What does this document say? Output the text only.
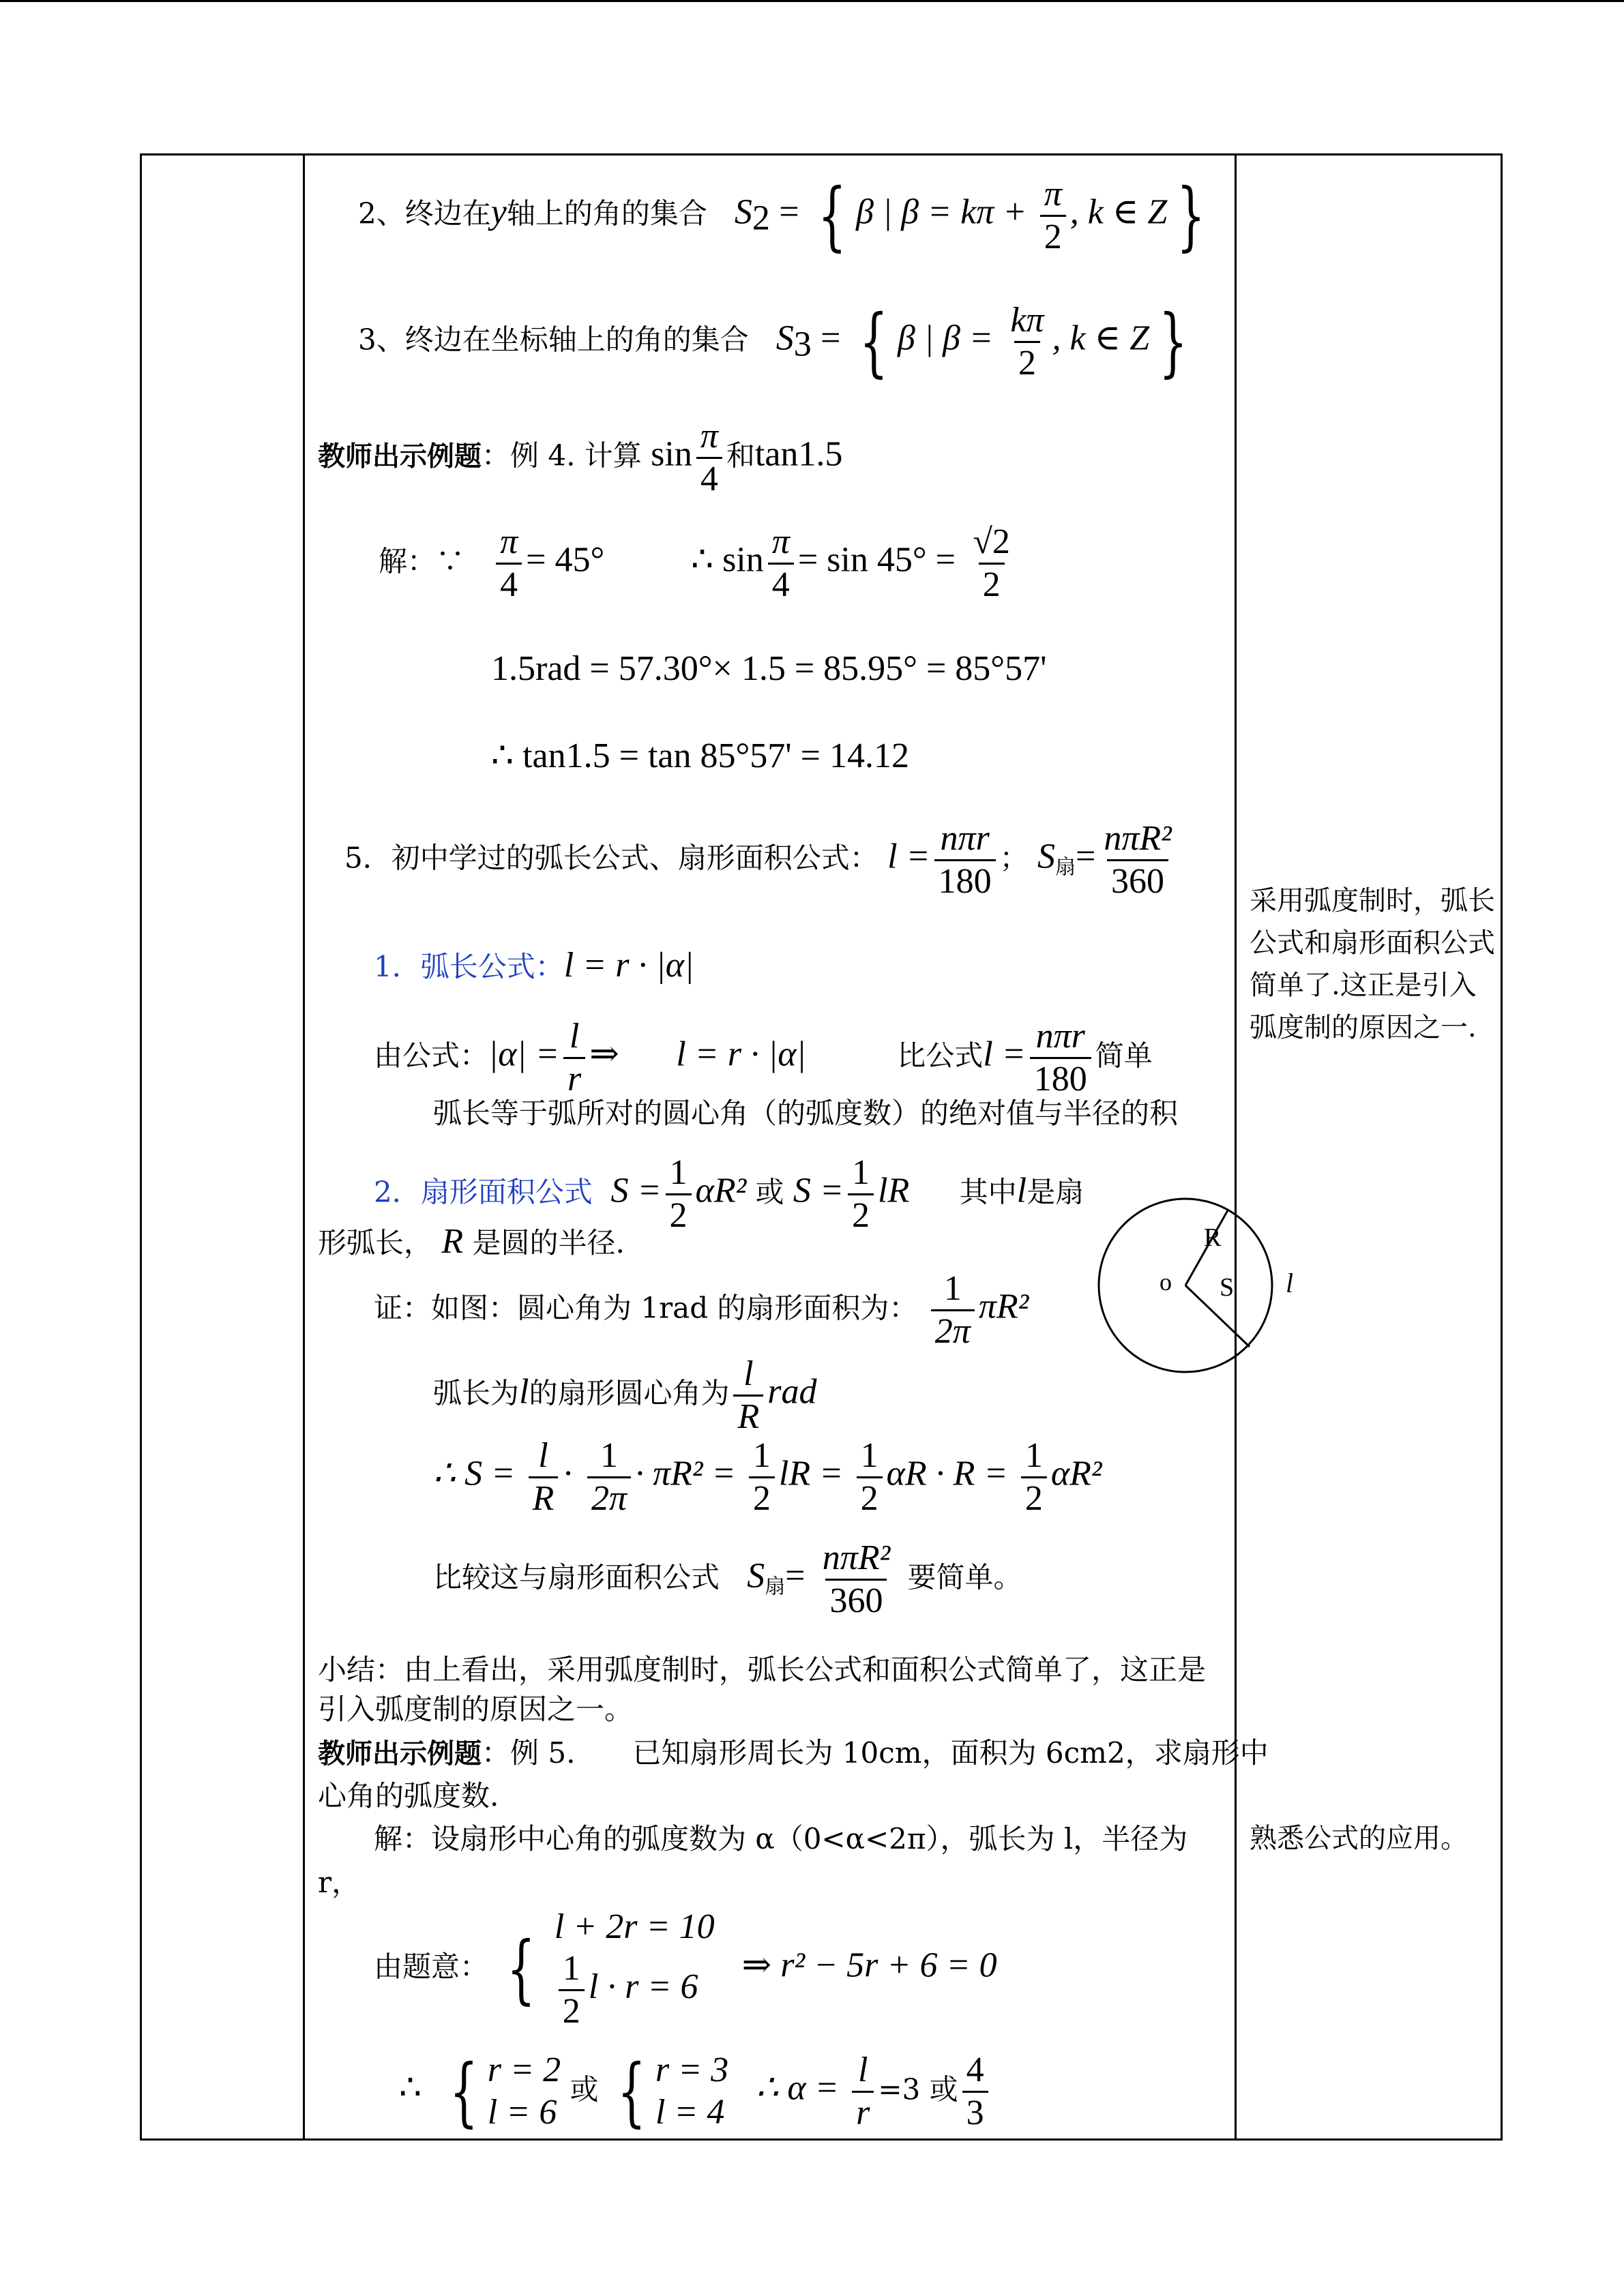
2、终边在y轴上的角的集合 $S_2$ = { β | $\beta = k\pi + \frac{\pi}{2}$ , k ∈ Z }
3、终边在坐标轴上的角的集合 $S_3$ = { β | $\beta = \frac{k\pi}{2}$ , k ∈ Z }
教师出示例题：例 4. 计算 $\sin \frac{\pi}{4}$ 和tan1.5
解：∵ $\frac{\pi}{4} = 45^\circ$ ∴ $\sin \frac{\pi}{4} = \sin 45^\circ = \frac{√2}{2}$
1.5rad = 57.30°× 1.5 = 85.95° = 85°57'
∴ tan1.5 = tan 85°57' = 14.12
5．初中学过的弧长公式、扇形面积公式： $l = \frac{\text{nπr}}{180}$ ； $S_扇= \frac{\text{nπR²}}{360}$
1．弧长公式：l = r · |α|
由公式：$|\alpha| = \frac{l}{r}$ ⇒ l = r · |α|	比公式$l = \frac{\text{nπr}}{180}$ 简单
弧长等于弧所对的圆心角（的弧度数）的绝对值与半径的积
2．扇形面积公式 $S = \frac{1}{2} \alpha R^2$ 或 $S = \frac{1}{2}$ lR 其中l是扇
形弧长， R 是圆的半径.
证：如图：圆心角为 1rad 的扇形面积为： $\frac{1}{2\pi} \pi R^2$
弧长为l的扇形圆心角为 $\frac{l}{R}$ rad
∴ $S = \frac{l}{R} \cdot \frac{1}{2\pi} \cdot \pi R^2 = \frac{1}{2}$ lR = $\frac{1}{2}$ $\alpha R \cdot R = \frac{1}{2} \alpha R^2$
比较这与扇形面积公式 $S_扇= \frac{\text{nπR²}}{360}$ 要简单。
小结：由上看出，采用弧度制时，弧长公式和面积公式简单了，这正是
引入弧度制的原因之一。
教师出示例题：例 5.　　已知扇形周长为 10cm，面积为 6cm2，求扇形中
心角的弧度数.
解：设扇形中心角的弧度数为 α（0<α<2π），弧长为 l，半径为
r，
由题意： { l + 2r = 10
$\frac{1}{2}$ l · r = 6
⇒ r² − 5r + 6 = 0
∴ { r = 2
l = 6
或 { r = 3
l = 4
∴ $\alpha = \frac{l}{r} =3$ 或 $\frac{4}{3}$
o
R
S l
采用弧度制时，弧长公式和扇形面积公式简单了.这正是引入弧度制的原因之一.
熟悉公式的应用。
